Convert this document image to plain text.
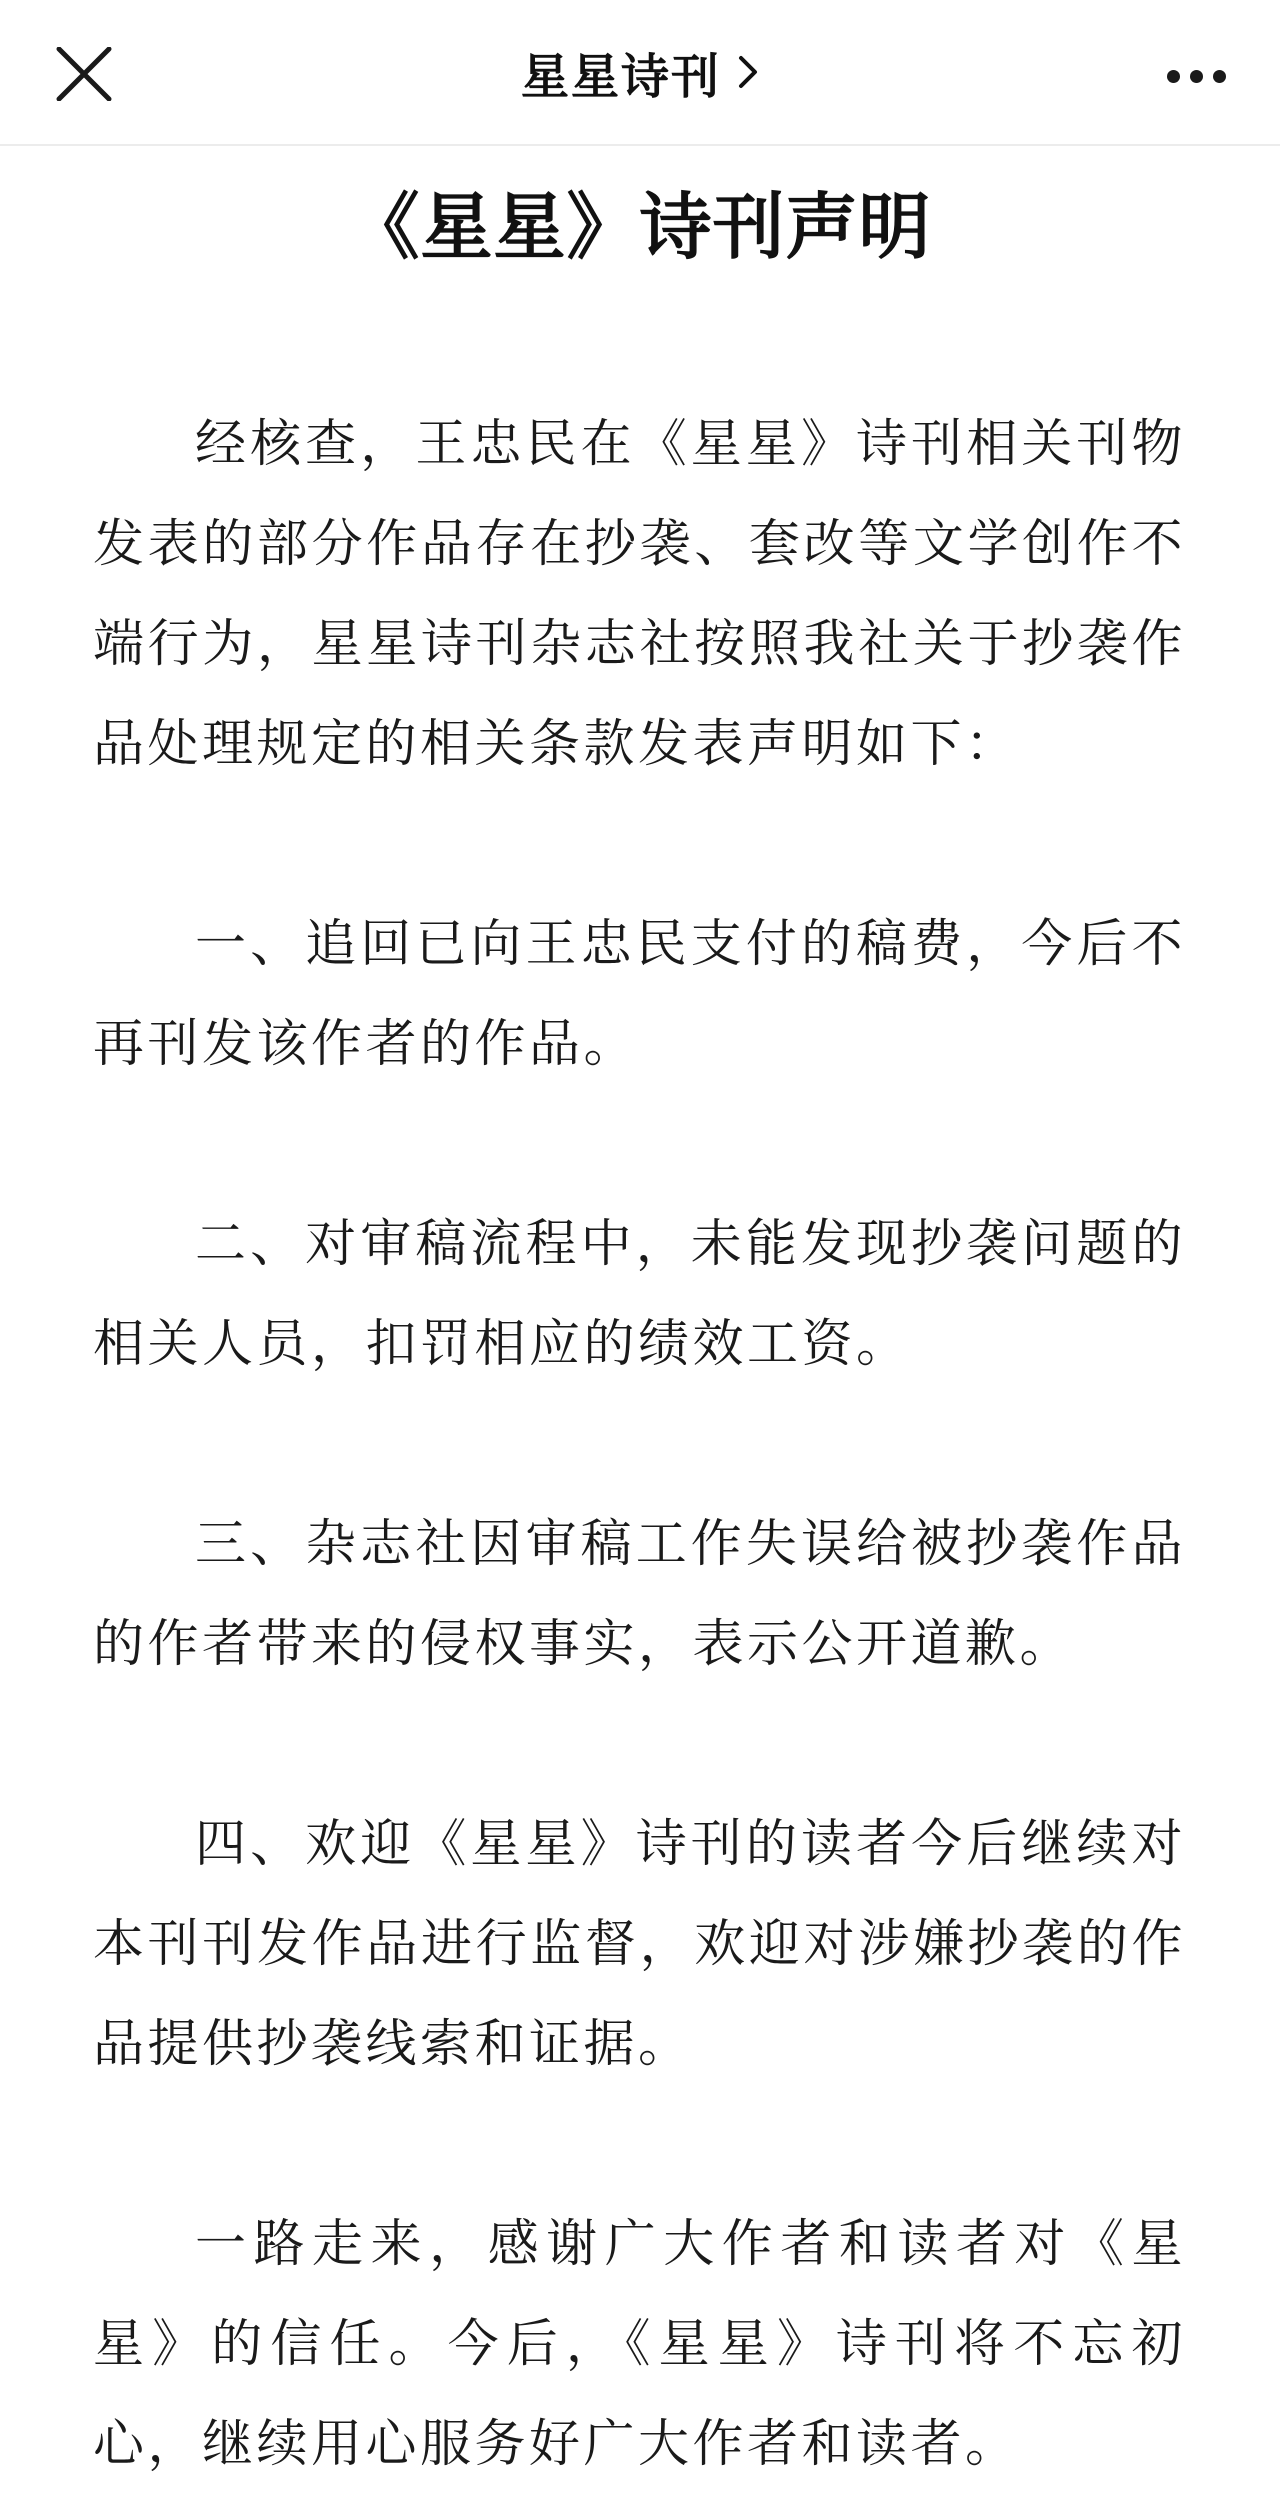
星星诗刊
《星星》诗刊声明

经核查，王忠民在《星星》诗刊相关刊物发表的部分作品存在抄袭、套改等文学创作不端行为，星星诗刊杂志社按照我社关于抄袭作品处理规定的相关条款发表声明如下：

一、追回已向王忠民支付的稿费，今后不再刊发该作者的作品。

二、对审稿流程中，未能发现抄袭问题的相关人员，扣罚相应的绩效工资。

三、杂志社因审稿工作失误给被抄袭作品的作者带来的侵权事实，表示公开道歉。

四、欢迎《星星》诗刊的读者今后继续对本刊刊发作品进行监督，欢迎对涉嫌抄袭的作品提供抄袭线索和证据。

一路走来，感谢广大作者和读者对《星星》的信任。今后，《星星》诗刊将不忘初心，继续用心服务好广大作者和读者。
